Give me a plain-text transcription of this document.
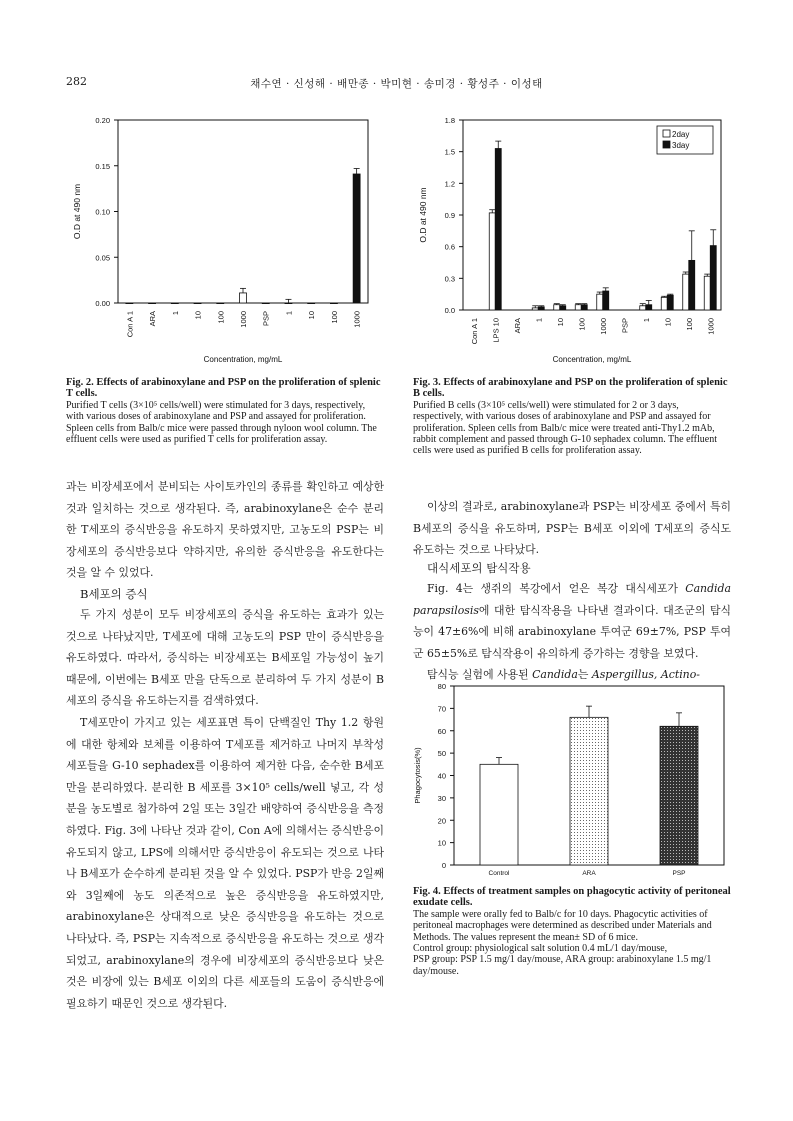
282	채수연 · 신성해 · 배만종 · 박미현 · 송미경 · 황성주 · 이성태
0.00
0.05
0.10
0.15
0.20
Con A 1 ARA 1 10 100 1000 PSP 1 10 100 1000
Concentration, mg/mL
O.D at 490 nm
0.0
0.3
0.6
0.9
1.2
1.5
1.8
Con A 1 LPS 10 ARA 1 10 100 1000 PSP 1 10 100 1000
Concentration, mg/mL
O.D at 490 nm
2day
3day
Fig. 2. Effects of arabinoxylane and PSP on the proliferation of splenic T cells.

Purified T cells (3×10⁵ cells/well) were stimulated for 3 days, respectively, with various doses of arabinoxylane and PSP and assayed for proliferation. Spleen cells from Balb/c mice were passed through nyloon wool column. The effluent cells were used as purified T cells for proliferation assay.

Fig. 3. Effects of arabinoxylane and PSP on the proliferation of splenic B cells.

Purified B cells (3×10⁵ cells/well) were stimulated for 2 or 3 days, respectively, with various doses of arabinoxylane and PSP and assayed for proliferation. Spleen cells from Balb/c mice were treated anti-Thy1.2 mAb, rabbit complement and passed through G-10 sephadex column. The effluent cells were used as purified B cells for proliferation assay.

과는 비장세포에서 분비되는 사이토카인의 종류를 확인하고 예상한 것과 일치하는 것으로 생각된다. 즉, arabinoxylane은 순수 분리한 T세포의 증식반응을 유도하지 못하였지만, 고농도의 PSP는 비장세포의 증식반응보다 약하지만, 유의한 증식반응을 유도한다는 것을 알 수 있었다.

B세포의 증식

두 가지 성분이 모두 비장세포의 증식을 유도하는 효과가 있는 것으로 나타났지만, T세포에 대해 고농도의 PSP 만이 증식반응을 유도하였다. 따라서, 증식하는 비장세포는 B세포일 가능성이 높기 때문에, 이번에는 B세포 만을 단독으로 분리하여 두 가지 성분이 B세포의 증식을 유도하는지를 검색하였다.

T세포만이 가지고 있는 세포표면 특이 단백질인 Thy 1.2 항원에 대한 항체와 보체를 이용하여 T세포를 제거하고 나머지 부착성 세포들을 G-10 sephadex를 이용하여 제거한 다음, 순수한 B세포만을 분리하였다. 분리한 B 세포를 3×10⁵ cells/well 넣고, 각 성분을 농도별로 첨가하여 2일 또는 3일간 배양하여 증식반응을 측정하였다. Fig. 3에 나타난 것과 같이, Con A에 의해서는 증식반응이 유도되지 않고, LPS에 의해서만 증식반응이 유도되는 것으로 나타나 B세포가 순수하게 분리된 것을 알 수 있었다. PSP가 반응 2일째와 3일째에 농도 의존적으로 높은 증식반응을 유도하였지만, arabinoxylane은 상대적으로 낮은 증식반응을 유도하는 것으로 나타났다. 즉, PSP는 지속적으로 증식반응을 유도하는 것으로 생각되었고, arabinoxylane의 경우에 비장세포의 증식반응보다 낮은 것은 비장에 있는 B세포 이외의 다른 세포들의 도움이 증식반응에 필요하기 때문인 것으로 생각된다.

이상의 결과로, arabinoxylane과 PSP는 비장세포 중에서 특히 B세포의 증식을 유도하며, PSP는 B세포 이외에 T세포의 증식도 유도하는 것으로 나타났다.

대식세포의 탐식작용

Fig. 4는 생쥐의 복강에서 얻은 복강 대식세포가 Candida parapsilosis에 대한 탐식작용을 나타낸 결과이다. 대조군의 탐식능이 47±6%에 비해 arabinoxylane 투여군 69±7%, PSP 투여군 65±5%로 탐식작용이 유의하게 증가하는 경향을 보였다.

탐식능 실험에 사용된 Candida는 Aspergillus, Actino-

0
10
20
30
40
50
60
70
80
Control	ARA	PSP
Phagocytosis(%)
Fig. 4. Effects of treatment samples on phagocytic activity of peritoneal exudate cells.

The sample were orally fed to Balb/c for 10 days. Phagocytic activities of peritoneal macrophages were determined as described under Materials and Methods. The values represent the mean± SD of 6 mice.

Control group: physiological salt solution 0.4 mL/1 day/mouse,

PSP group: PSP 1.5 mg/1 day/mouse, ARA group: arabinoxylane 1.5 mg/1 day/mouse.
